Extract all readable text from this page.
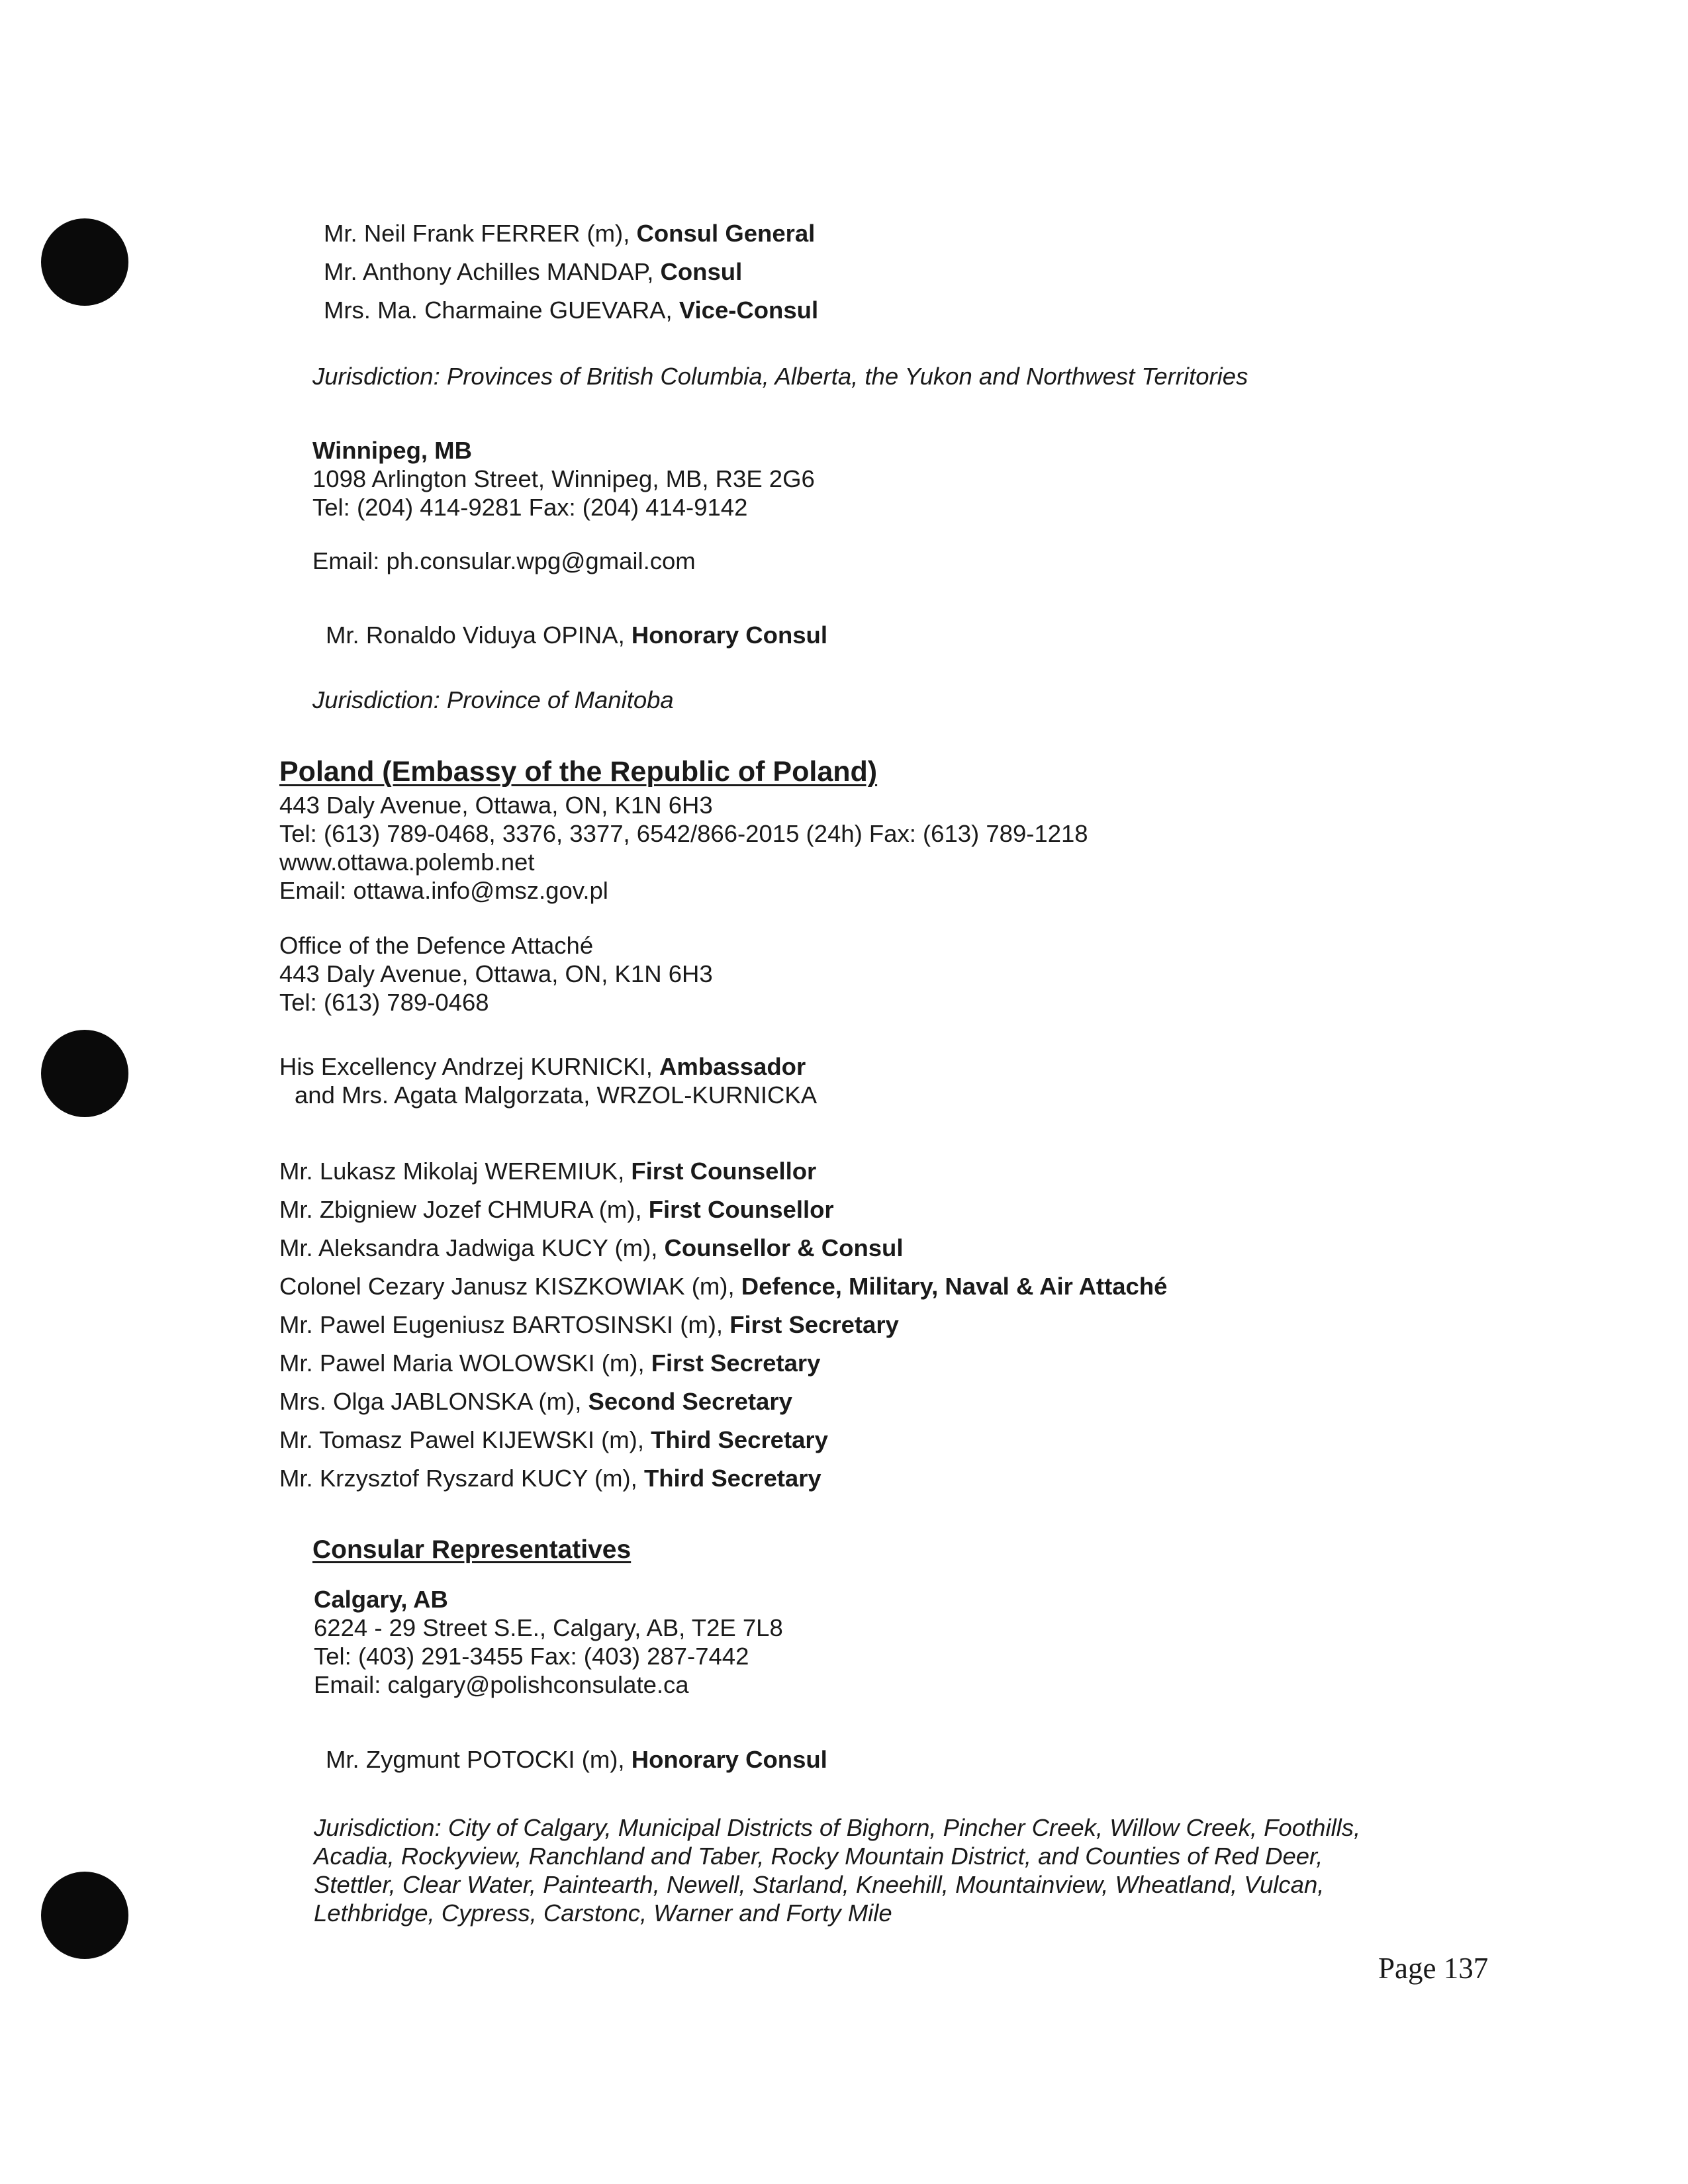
Mr. Neil Frank FERRER (m), Consul General
Mr. Anthony Achilles MANDAP, Consul
Mrs. Ma. Charmaine GUEVARA, Vice-Consul
Jurisdiction: Provinces of British Columbia, Alberta, the Yukon and Northwest Territories
Winnipeg, MB
1098 Arlington Street, Winnipeg, MB, R3E 2G6
Tel: (204) 414-9281 Fax: (204) 414-9142
Email: ph.consular.wpg@gmail.com
Mr. Ronaldo Viduya OPINA, Honorary Consul
Jurisdiction: Province of Manitoba
Poland (Embassy of the Republic of Poland)
443 Daly Avenue, Ottawa, ON, K1N 6H3
Tel: (613) 789-0468, 3376, 3377, 6542/866-2015 (24h) Fax: (613) 789-1218
www.ottawa.polemb.net
Email: ottawa.info@msz.gov.pl
Office of the Defence Attaché
443 Daly Avenue, Ottawa, ON, K1N 6H3
Tel: (613) 789-0468
His Excellency Andrzej KURNICKI, Ambassador
and Mrs. Agata Malgorzata, WRZOL-KURNICKA
Mr. Lukasz Mikolaj WEREMIUK, First Counsellor
Mr. Zbigniew Jozef CHMURA (m), First Counsellor
Mr. Aleksandra Jadwiga KUCY (m), Counsellor & Consul
Colonel Cezary Janusz KISZKOWIAK (m), Defence, Military, Naval & Air Attaché
Mr. Pawel Eugeniusz BARTOSINSKI (m), First Secretary
Mr. Pawel Maria WOLOWSKI (m), First Secretary
Mrs. Olga JABLONSKA (m), Second Secretary
Mr. Tomasz Pawel KIJEWSKI (m), Third Secretary
Mr. Krzysztof Ryszard KUCY (m), Third Secretary
Consular Representatives
Calgary, AB
6224 - 29 Street S.E., Calgary, AB, T2E 7L8
Tel: (403) 291-3455 Fax: (403) 287-7442
Email: calgary@polishconsulate.ca
Mr. Zygmunt POTOCKI (m), Honorary Consul
Jurisdiction: City of Calgary, Municipal Districts of Bighorn, Pincher Creek, Willow Creek, Foothills, Acadia, Rockyview, Ranchland and Taber, Rocky Mountain District, and Counties of Red Deer, Stettler, Clear Water, Paintearth, Newell, Starland, Kneehill, Mountainview, Wheatland, Vulcan, Lethbridge, Cypress, Carstonc, Warner and Forty Mile
Page 137
